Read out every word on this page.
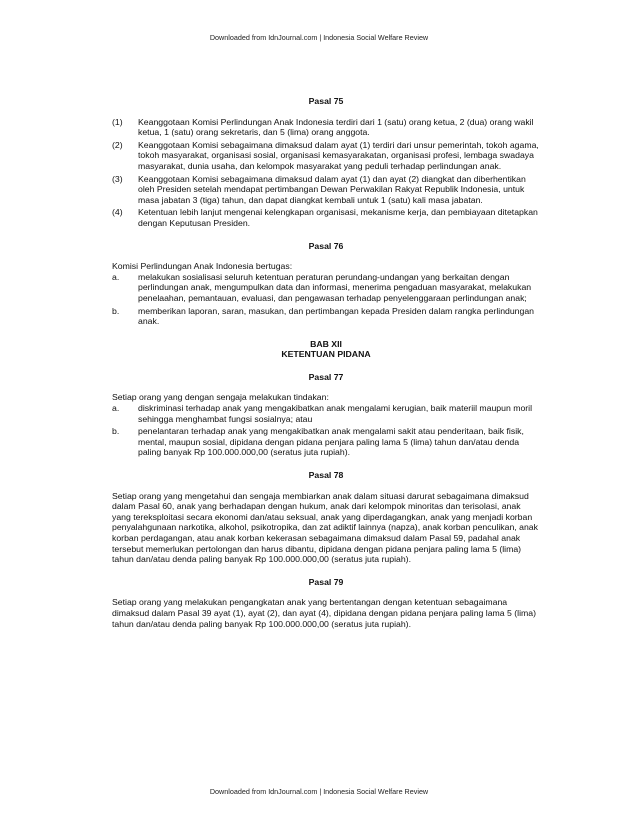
Downloaded from IdnJournal.com | Indonesia Social Welfare Review

Pasal 75

(1)	Keanggotaan Komisi Perlindungan Anak Indonesia terdiri dari 1 (satu) orang ketua, 2 (dua) orang wakil ketua, 1 (satu) orang sekretaris, dan 5 (lima) orang anggota.
(2)	Keanggotaan Komisi sebagaimana dimaksud dalam ayat (1) terdiri dari unsur pemerintah, tokoh agama, tokoh masyarakat, organisasi sosial, organisasi kemasyarakatan, organisasi profesi, lembaga swadaya masyarakat, dunia usaha, dan kelompok masyarakat yang peduli terhadap perlindungan anak.
(3)	Keanggotaan Komisi sebagaimana dimaksud dalam ayat (1) dan ayat (2) diangkat dan diberhentikan oleh Presiden setelah mendapat pertimbangan Dewan Perwakilan Rakyat Republik Indonesia, untuk masa jabatan 3 (tiga) tahun, dan dapat diangkat kembali untuk 1 (satu) kali masa jabatan.
(4)	Ketentuan lebih lanjut mengenai kelengkapan organisasi, mekanisme kerja, dan pembiayaan ditetapkan dengan Keputusan Presiden.

Pasal 76

Komisi Perlindungan Anak Indonesia bertugas:

a.	melakukan sosialisasi seluruh ketentuan peraturan perundang-undangan yang berkaitan dengan perlindungan anak, mengumpulkan data dan informasi, menerima pengaduan masyarakat, melakukan penelaahan, pemantauan, evaluasi, dan pengawasan terhadap penyelenggaraan perlindungan anak;
b.	memberikan laporan, saran, masukan, dan pertimbangan kepada Presiden dalam rangka perlindungan anak.

BAB XII

KETENTUAN PIDANA

Pasal 77

Setiap orang yang dengan sengaja melakukan tindakan:

a.	diskriminasi terhadap anak yang mengakibatkan anak mengalami kerugian, baik materiil maupun moril sehingga menghambat fungsi sosialnya; atau
b.	penelantaran terhadap anak yang mengakibatkan anak mengalami sakit atau penderitaan, baik fisik, mental, maupun sosial, dipidana dengan pidana penjara paling lama 5 (lima) tahun dan/atau denda paling banyak Rp 100.000.000,00 (seratus juta rupiah).

Pasal 78

Setiap orang yang mengetahui dan sengaja membiarkan anak dalam situasi darurat sebagaimana dimaksud dalam Pasal 60, anak yang berhadapan dengan hukum, anak dari kelompok minoritas dan terisolasi, anak yang tereksploitasi secara ekonomi dan/atau seksual, anak yang diperdagangkan, anak yang menjadi korban penyalahgunaan narkotika, alkohol, psikotropika, dan zat adiktif lainnya (napza), anak korban penculikan, anak korban perdagangan, atau anak korban kekerasan sebagaimana dimaksud dalam Pasal 59, padahal anak tersebut memerlukan pertolongan dan harus dibantu, dipidana dengan pidana penjara paling lama 5 (lima) tahun dan/atau denda paling banyak Rp 100.000.000,00 (seratus juta rupiah).

Pasal 79

Setiap orang yang melakukan pengangkatan anak yang bertentangan dengan ketentuan sebagaimana dimaksud dalam Pasal 39 ayat (1), ayat (2), dan ayat (4), dipidana dengan pidana penjara paling lama 5 (lima) tahun dan/atau denda paling banyak Rp 100.000.000,00 (seratus juta rupiah).

Downloaded from IdnJournal.com | Indonesia Social Welfare Review
